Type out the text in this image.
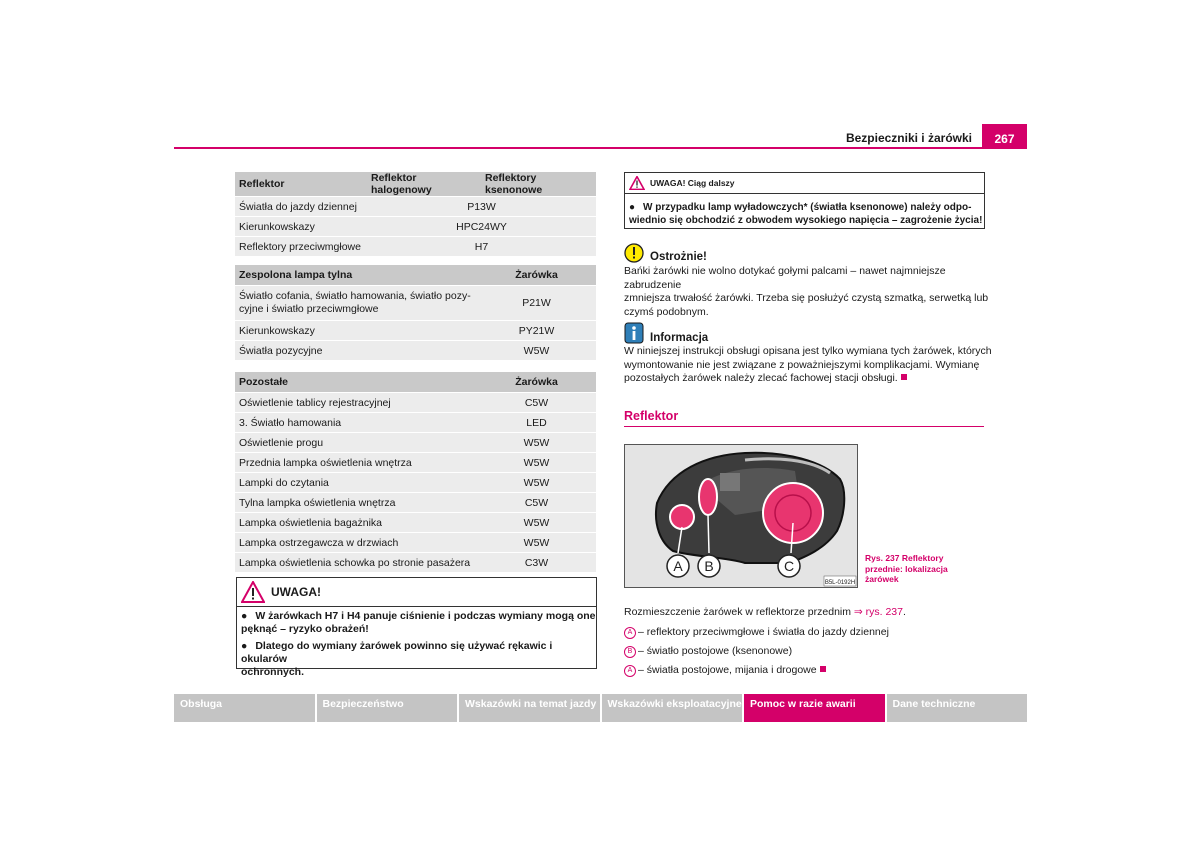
Bezpieczniki i żarówki	267
Reflektor	Reflektor halogenowy	Reflektory ksenonowe
Światła do jazdy dziennej	P13W	
Kierunkowskazy	HPC24WY	
Reflektory przeciwmgłowe	H7	
Zespolona lampa tylna	Żarówka
Światło cofania, światło hamowania, światło pozy-
cyjne i światło przeciwmgłowe	P21W
Kierunkowskazy	PY21W
Światła pozycyjne	W5W
Pozostałe	Żarówka
Oświetlenie tablicy rejestracyjnej	C5W
3. Światło hamowania	LED
Oświetlenie progu	W5W
Przednia lampka oświetlenia wnętrza	W5W
Lampki do czytania	W5W
Tylna lampka oświetlenia wnętrza	C5W
Lampka oświetlenia bagażnika	W5W
Lampka ostrzegawcza w drzwiach	W5W
Lampka oświetlenia schowka po stronie pasażera	C3W
UWAGA!

● W żarówkach H7 i H4 panuje ciśnienie i podczas wymiany mogą one
pęknąć – ryzyko obrażeń!

● Dlatego do wymiany żarówek powinno się używać rękawic i okularów
ochronnych.

UWAGA! Ciąg dalszy

● W przypadku lamp wyładowczych* (światła ksenonowe) należy odpo-
wiednio się obchodzić z obwodem wysokiego napięcia – zagrożenie życia!

Ostrożnie!
Bańki żarówki nie wolno dotykać gołymi palcami – nawet najmniejsze zabrudzenie
zmniejsza trwałość żarówki. Trzeba się posłużyć czystą szmatką, serwetką lub
czymś podobnym.
Informacja
W niniejszej instrukcji obsługi opisana jest tylko wymiana tych żarówek, których
wymontowanie nie jest związane z poważniejszymi komplikacjami. Wymianę
pozostałych żarówek należy zlecać fachowej stacji obsługi.
Reflektor
A B	C
B5L-0192H
Rys. 237 Reflektory
przednie: lokalizacja
żarówek
Rozmieszczenie żarówek w reflektorze przednim ⇒ rys. 237.
A – reflektory przeciwmgłowe i światła do jazdy dziennej
B – światło postojowe (ksenonowe)
A – światła postojowe, mijania i drogowe
Obsługa	Bezpieczeństwo	Wskazówki na temat jazdy	Wskazówki eksploatacyjne Pomoc w razie awarii	Dane techniczne
